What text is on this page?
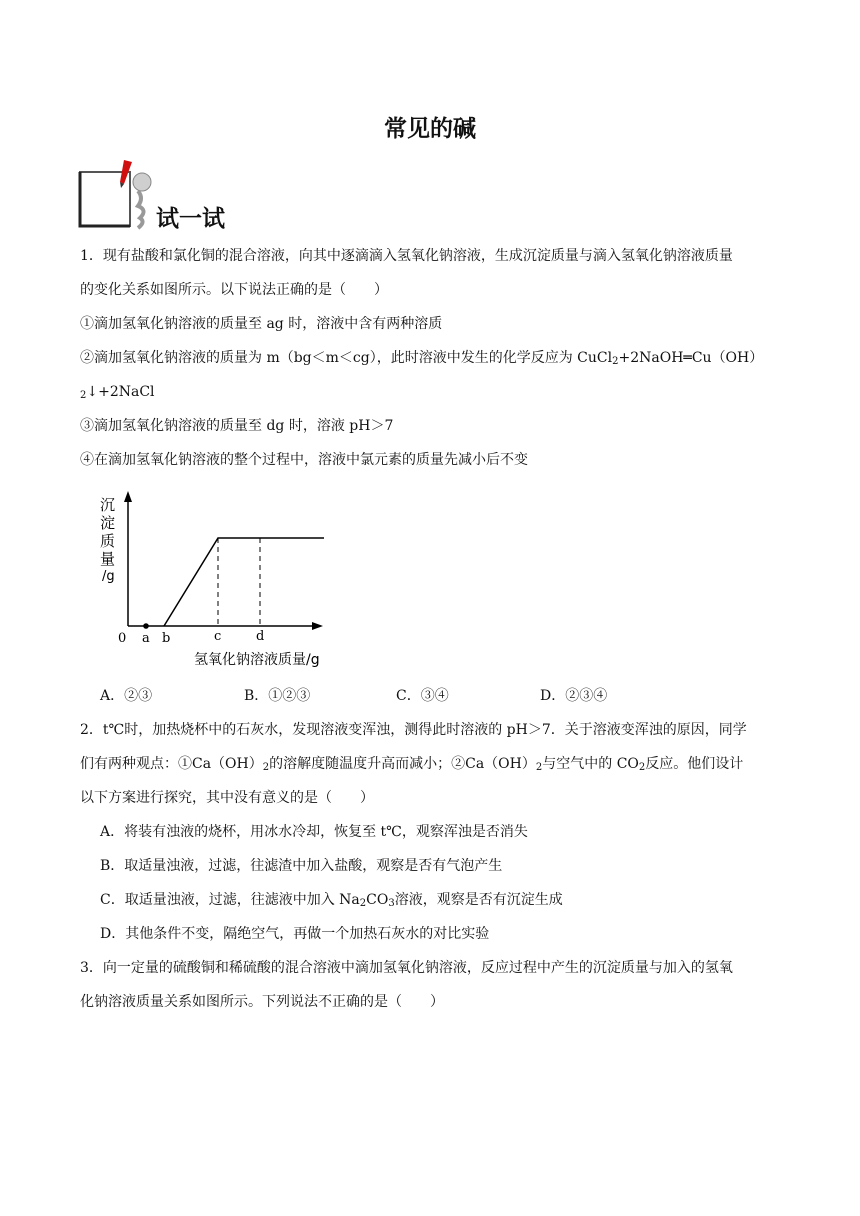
常见的碱
试一试
1．现有盐酸和氯化铜的混合溶液，向其中逐滴滴入氢氧化钠溶液，生成沉淀质量与滴入氢氧化钠溶液质量
的变化关系如图所示。以下说法正确的是（　　）
①滴加氢氧化钠溶液的质量至 ag 时，溶液中含有两种溶质
②滴加氢氧化钠溶液的质量为 m（bg＜m＜cg），此时溶液中发生的化学反应为 CuCl$_2$+2NaOH═Cu（OH）
$_2$↓+2NaCl
③滴加氢氧化钠溶液的质量至 dg 时，溶液 pH＞7
④在滴加氢氧化钠溶液的整个过程中，溶液中氯元素的质量先减小后不变
沉
淀
质
量
/g
0 a b	c	d
氢氧化钠溶液质量/g
A．②③	B．①②③	C．③④	D．②③④
2．t℃时，加热烧杯中的石灰水，发现溶液变浑浊，测得此时溶液的 pH＞7．关于溶液变浑浊的原因，同学
们有两种观点：$①Ca(OH)_2$的溶解度随温度升高而减小；$②Ca(OH)_2$与空气中的 $CO_2$反应。他们设计
以下方案进行探究，其中没有意义的是（　　）
A．将装有浊液的烧杯，用冰水冷却，恢复至 t℃，观察浑浊是否消失
B．取适量浊液，过滤，往滤渣中加入盐酸，观察是否有气泡产生
C．取适量浊液，过滤，往滤液中加入 $Na_2CO_3$溶液，观察是否有沉淀生成
D．其他条件不变，隔绝空气，再做一个加热石灰水的对比实验
3．向一定量的硫酸铜和稀硫酸的混合溶液中滴加氢氧化钠溶液，反应过程中产生的沉淀质量与加入的氢氧
化钠溶液质量关系如图所示。下列说法不正确的是（　　）
